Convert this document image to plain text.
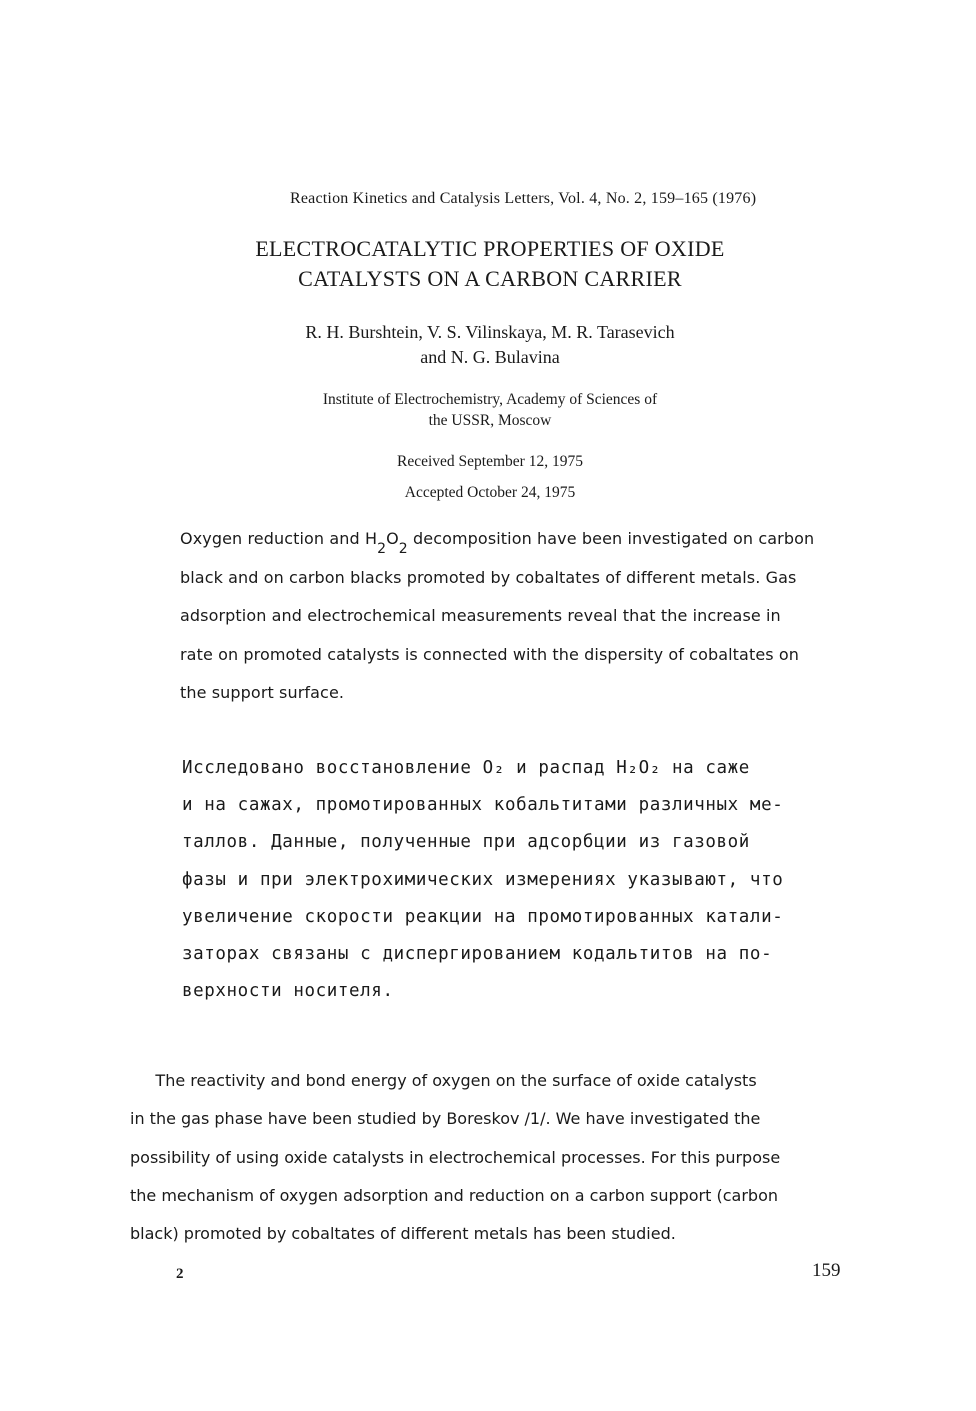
Reaction Kinetics and Catalysis Letters, Vol. 4, No. 2, 159–165 (1976)
ELECTROCATALYTIC PROPERTIES OF OXIDE
CATALYSTS ON A CARBON CARRIER
R. H. Burshtein, V. S. Vilinskaya, M. R. Tarasevich
and N. G. Bulavina
Institute of Electrochemistry, Academy of Sciences of
the USSR, Moscow
Received September 12, 1975
Accepted October 24, 1975
Oxygen reduction and $H_2O_2$ decomposition have been investigated on carbon
black and on carbon blacks promoted by cobaltates of different metals. Gas
adsorption and electrochemical measurements reveal that the increase in
rate on promoted catalysts is connected with the dispersity of cobaltates on
the support surface.
Исследовано восстановление O₂ и распад H₂O₂ на саже
и на сажах, промотированных кобальтитами различных ме-
таллов. Данные, полученные при адсорбции из газовой
фазы и при электрохимических измерениях указывают, что
увеличение скорости реакции на промотированных катали-
заторах связаны с диспергированием кодальтитов на по-
верхности носителя.
The reactivity and bond energy of oxygen on the surface of oxide catalysts
in the gas phase have been studied by Boreskov /1/. We have investigated the
possibility of using oxide catalysts in electrochemical processes. For this purpose
the mechanism of oxygen adsorption and reduction on a carbon support (carbon
black) promoted by cobaltates of different metals has been studied.
2	159
